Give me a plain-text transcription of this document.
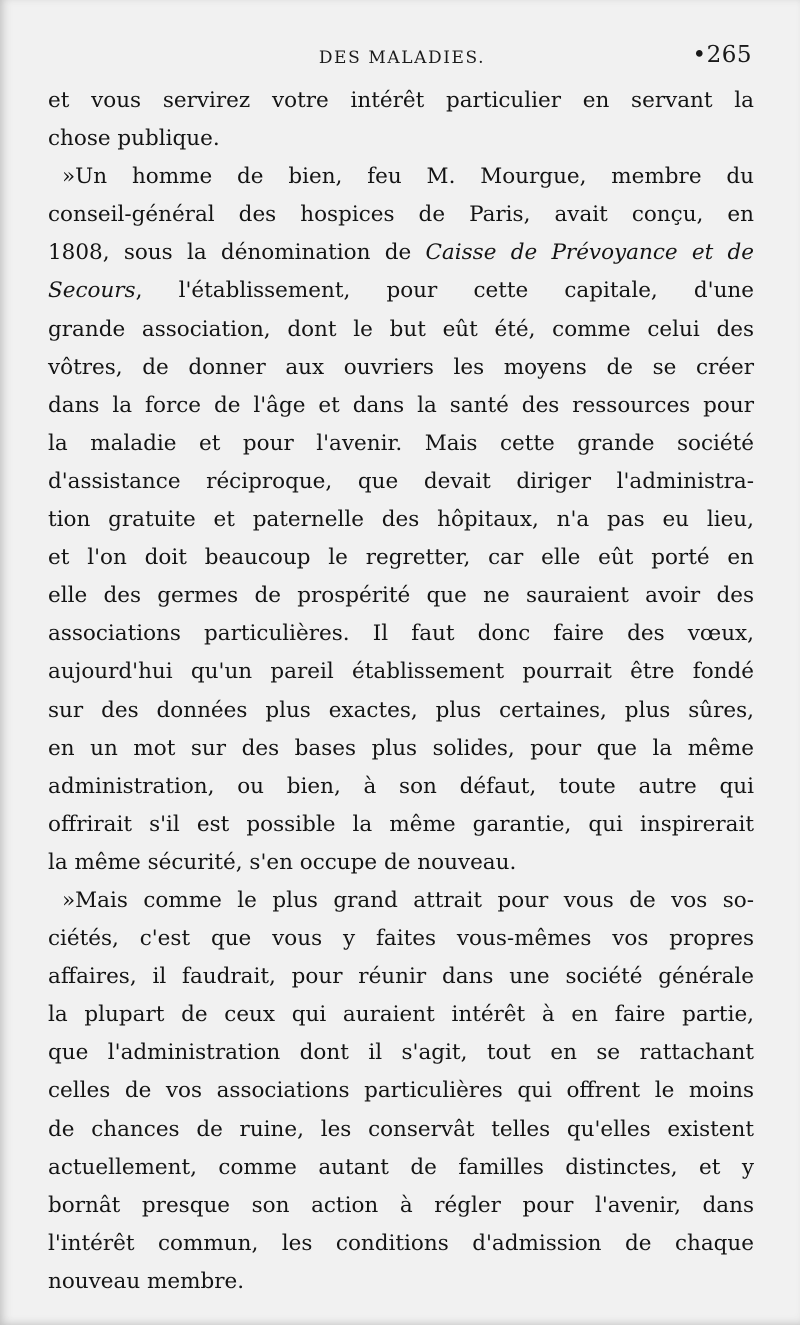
DES MALADIES.	•265
et vous servirez votre intérêt particulier en servant la
chose publique.
»Un homme de bien, feu M. Mourgue, membre du
conseil-général des hospices de Paris, avait conçu, en
1808, sous la dénomination de Caisse de Prévoyance et de
Secours, l'établissement, pour cette capitale, d'une
grande association, dont le but eût été, comme celui des
vôtres, de donner aux ouvriers les moyens de se créer
dans la force de l'âge et dans la santé des ressources pour
la maladie et pour l'avenir. Mais cette grande société
d'assistance réciproque, que devait diriger l'administra-
tion gratuite et paternelle des hôpitaux, n'a pas eu lieu,
et l'on doit beaucoup le regretter, car elle eût porté en
elle des germes de prospérité que ne sauraient avoir des
associations particulières. Il faut donc faire des vœux,
aujourd'hui qu'un pareil établissement pourrait être fondé
sur des données plus exactes, plus certaines, plus sûres,
en un mot sur des bases plus solides, pour que la même
administration, ou bien, à son défaut, toute autre qui
offrirait s'il est possible la même garantie, qui inspirerait
la même sécurité, s'en occupe de nouveau.
»Mais comme le plus grand attrait pour vous de vos so-
ciétés, c'est que vous y faites vous-mêmes vos propres
affaires, il faudrait, pour réunir dans une société générale
la plupart de ceux qui auraient intérêt à en faire partie,
que l'administration dont il s'agit, tout en se rattachant
celles de vos associations particulières qui offrent le moins
de chances de ruine, les conservât telles qu'elles existent
actuellement, comme autant de familles distinctes, et y
bornât presque son action à régler pour l'avenir, dans
l'intérêt commun, les conditions d'admission de chaque
nouveau membre.
